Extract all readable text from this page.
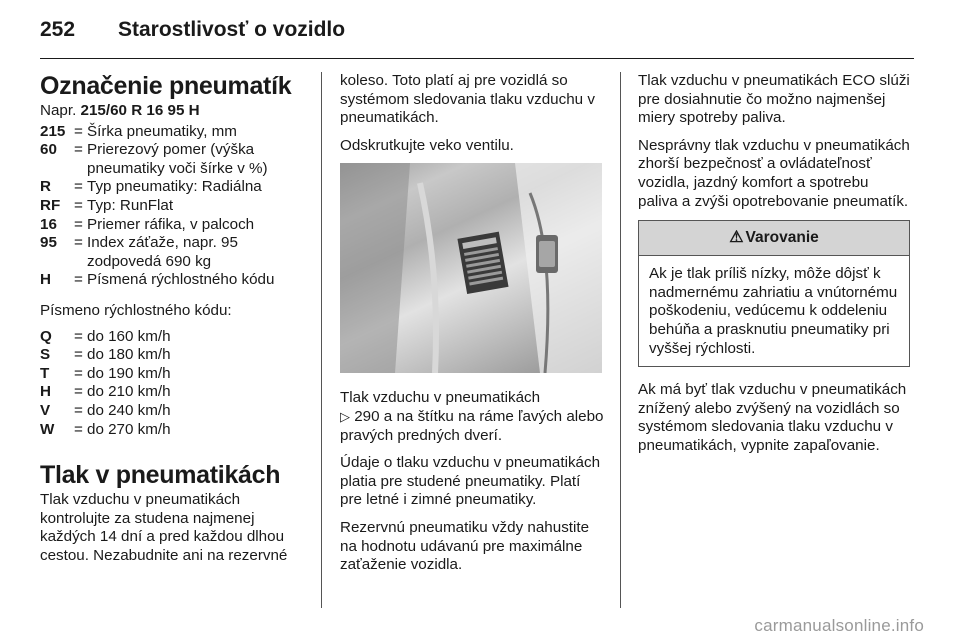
252 Starostlivosť o vozidlo
Označenie pneumatík
Napr. 215/60 R 16 95 H
215 = Šírka pneumatiky, mm
60	= Prierezový pomer (výška pneumatiky voči šírke v %)
R	= Typ pneumatiky: Radiálna
RF = Typ: RunFlat
16	= Priemer ráfika, v palcoch
95	= Index záťaže, napr. 95 zodpovedá 690 kg
H	= Písmená rýchlostného kódu

Písmeno rýchlostného kódu:

Q	= do 160 km/h
S	= do 180 km/h
T	= do 190 km/h
H	= do 210 km/h
V	= do 240 km/h
W	= do 270 km/h
Tlak v pneumatikách

Tlak vzduchu v pneumatikách kontrolujte za studena najmenej každých 14 dní a pred každou dlhou cestou. Nezabudnite ani na rezervné

koleso. Toto platí aj pre vozidlá so systémom sledovania tlaku vzduchu v pneumatikách.

Odskrutkujte veko ventilu.

Tlak vzduchu v pneumatikách
▷ 290 a na štítku na ráme ľavých alebo pravých predných dverí.

Údaje o tlaku vzduchu v pneumatikách platia pre studené pneumatiky. Platí pre letné i zimné pneumatiky.

Rezervnú pneumatiku vždy nahustite na hodnotu udávanú pre maximálne zaťaženie vozidla.

Tlak vzduchu v pneumatikách ECO slúži pre dosiahnutie čo možno najmenšej miery spotreby paliva.

Nesprávny tlak vzduchu v pneumatikách zhorší bezpečnosť a ovládateľnosť vozidla, jazdný komfort a spotrebu paliva a zvýši opotrebovanie pneumatík.

⚠ Varovanie
Ak je tlak príliš nízky, môže dôjsť k nadmernému zahriatiu a vnútornému poškodeniu, vedúcemu k oddeleniu behúňa a prasknutiu pneumatiky pri vyššej rýchlosti.

Ak má byť tlak vzduchu v pneumatikách znížený alebo zvýšený na vozidlách so systémom sledovania tlaku vzduchu v pneumatikách, vypnite zapaľovanie.

carmanualsonline.info
